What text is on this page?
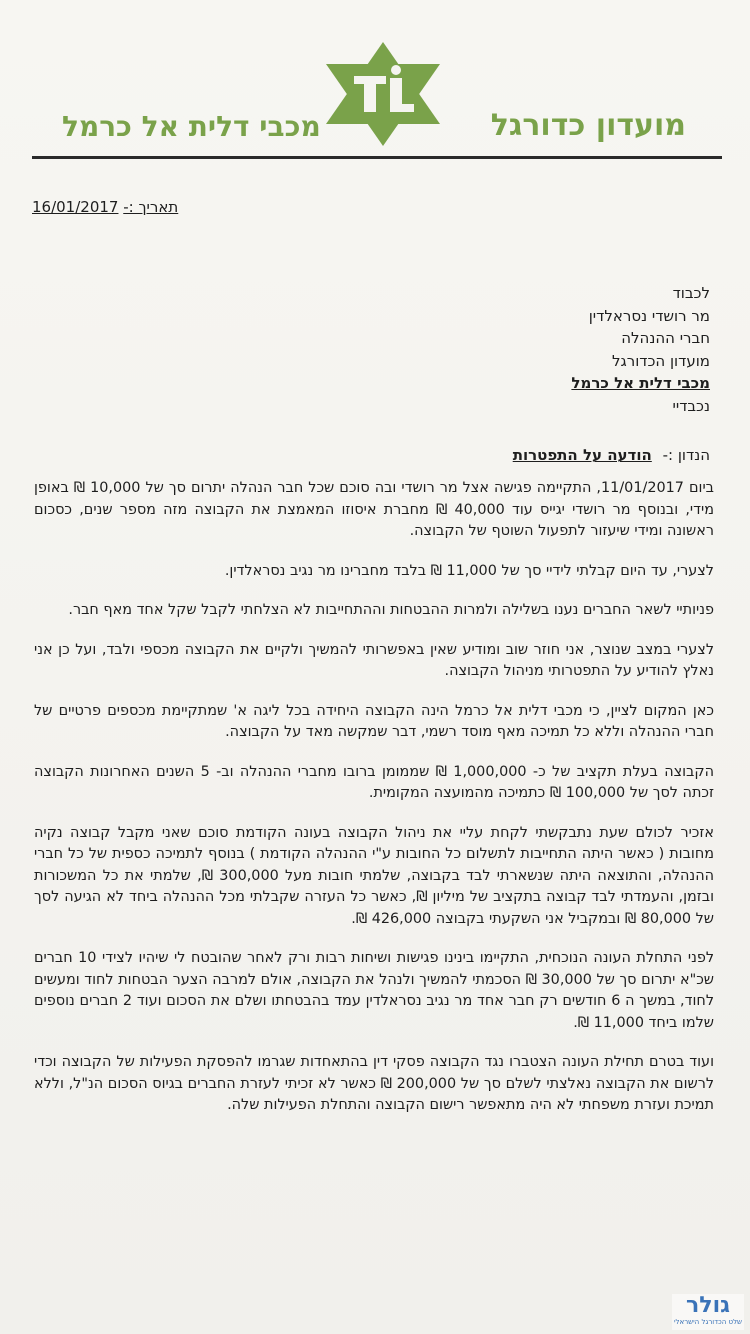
מכבי דלית אל כרמל	מועדון כדורגל
תאריך :- 16/01/2017
לכבוד
מר רושדי נסראלדין
חברי ההנהלה
מועדון הכדורגל
מכבי דלית אל כרמל
נכבדיי
הנדון :- הודעה על התפטרות

ביום 11/01/2017, התקיימה פגישה אצל מר רושדי ובה סוכם שכל חבר הנהלה יתרום סך של 10,000 ₪ באופן מידי, ובנוסף מר רושדי יגייס עוד 40,000 ₪ מחברת איסוזו המאמצת את הקבוצה מזה מספר שנים, כסכום ראשונה ומידי שיעזור לתפעול השוטף של הקבוצה.

לצערי, עד היום קבלתי לידיי סך של 11,000 ₪ בלבד מחברינו מר נגיב נסראלדין.

פניותיי לשאר החברים נענו בשלילה ולמרות ההבטחות וההתחייבות לא הצלחתי לקבל שקל אחד מאף חבר.

לצערי במצב שנוצר, אני חוזר שוב ומודיע שאין באפשרותי להמשיך ולקיים את הקבוצה מכספי ולבד, ועל כן אני נאלץ להודיע על התפטרותי מניהול הקבוצה.

כאן המקום לציין, כי מכבי דלית אל כרמל הינה הקבוצה היחידה בכל ליגה א' שמתקיימת מכספים פרטיים של חברי ההנהלה וללא כל תמיכה מאף מוסד רשמי, דבר שמקשה מאד על הקבוצה.

הקבוצה בעלת תקציב של כ- 1,000,000 ₪ שממומן ברובו מחברי ההנהלה וב- 5 השנים האחרונות הקבוצה זכתה לסך של 100,000 ₪ כתמיכה מהמועצה המקומית.

אזכיר לכולם שעת נתבקשתי לקחת עליי את ניהול הקבוצה בעונה הקודמת סוכם שאני מקבל קבוצה נקיה מחובות ( כאשר היתה התחייבות לתשלום כל החובות ע"י ההנהלה הקודמת ) בנוסף לתמיכה כספית של כל חברי ההנהלה, והתוצאה היתה שנשארתי לבד בקבוצה, שלמתי חובות מעל 300,000 ₪, שלמתי את כל המשכורות ובזמן, והעמדתי לבד קבוצה בתקציב של מיליון ₪, כאשר כל העזרה שקבלתי מכל ההנהלה ביחד לא הגיעה לסך של 80,000 ₪ ובמקביל אני השקעתי בקבוצה 426,000 ₪.

לפני התחלת העונה הנוכחית, התקיימו בינינו פגישות ושיחות רבות ורק לאחר שהובטח לי שיהיו לצידי 10 חברים שכ"א יתרום סך של 30,000 ₪ הסכמתי להמשיך ולנהל את הקבוצה, אולם למרבה הצער הבטחות לחוד ומעשים לחוד, במשך ה 6 חודשים רק חבר אחד מר נגיב נסראלדין עמד בהבטחתו ושלם את הסכום ועוד 2 חברים נוספים שלמו ביחד 11,000 ₪.

ועוד בטרם תחילת העונה הצטברו נגד הקבוצה פסקי דין בהתאחדות שגרמו להפסקת הפעילות של הקבוצה וכדי לרשום את הקבוצה נאלצתי לשלם סך של 200,000 ₪ כאשר לא זכיתי לעזרת החברים בגיוס הסכום הנ"ל, וללא תמיכת ועזרת משפחתי לא היה מתאפשר רישום הקבוצה והתחלת הפעילות שלה.

גולר
שלט הכדורגל הישראלי
